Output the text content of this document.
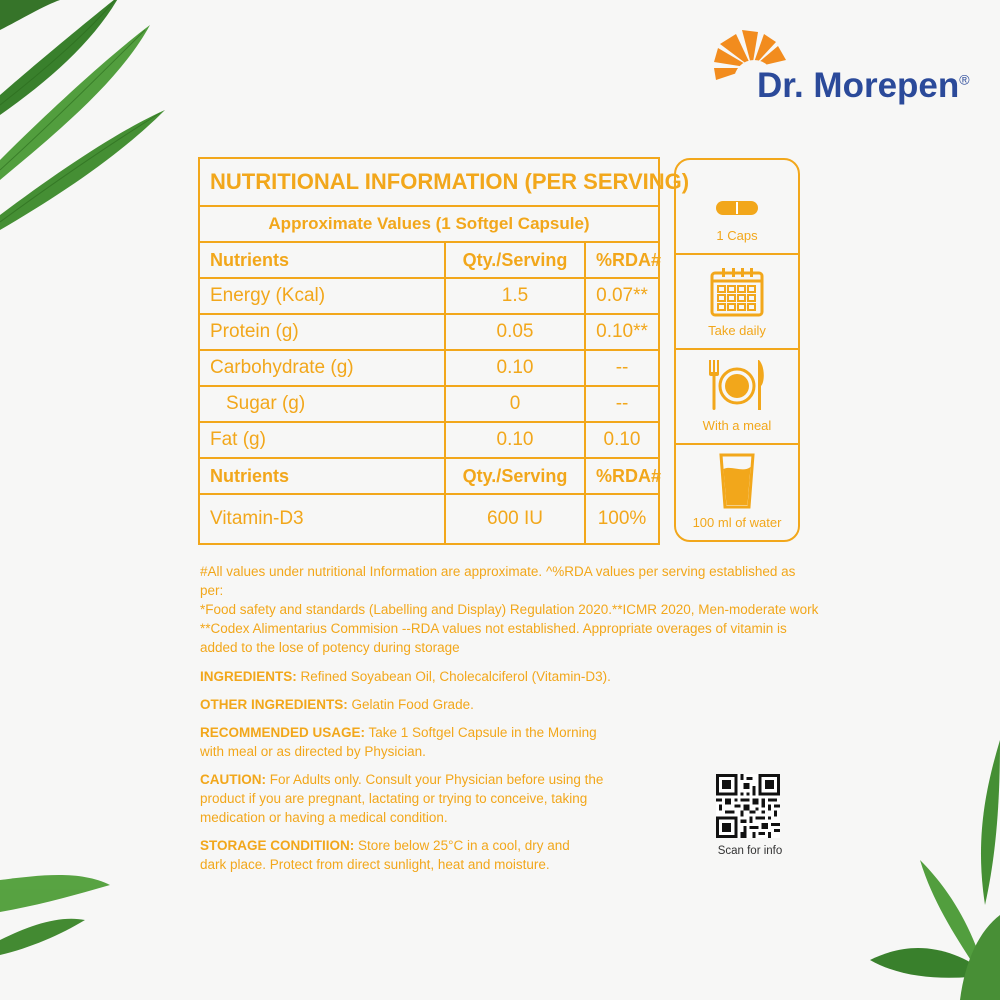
Dr. Morepen®
NUTRITIONAL INFORMATION (PER SERVING)		
Approximate Values (1 Softgel Capsule)		
Nutrients	Qty./Serving	%RDA#
Energy (Kcal)	1.5	0.07**
Protein (g)	0.05	0.10**
Carbohydrate (g)	0.10	--
Sugar (g)	0	--
Fat (g)	0.10	0.10
Nutrients	Qty./Serving	%RDA#
Vitamin-D3	600 IU	100%
1 Caps
Take daily
With a meal
100 ml of water

#All values under nutritional Information are approximate. ^%RDA values per serving established as per:
*Food safety and standards (Labelling and Display) Regulation 2020.**ICMR 2020, Men-moderate work
**Codex Alimentarius Commision --RDA values not established. Appropriate overages of vitamin is
added to the lose of potency during storage

INGREDIENTS: Refined Soyabean Oil, Cholecalciferol (Vitamin-D3).

OTHER INGREDIENTS: Gelatin Food Grade.

RECOMMENDED USAGE: Take 1 Softgel Capsule in the Morning
with meal or as directed by Physician.

CAUTION: For Adults only. Consult your Physician before using the
product if you are pregnant, lactating or trying to conceive, taking
medication or having a medical condition.

STORAGE CONDITIION: Store below 25°C in a cool, dry and
dark place. Protect from direct sunlight, heat and moisture.

Scan for info
